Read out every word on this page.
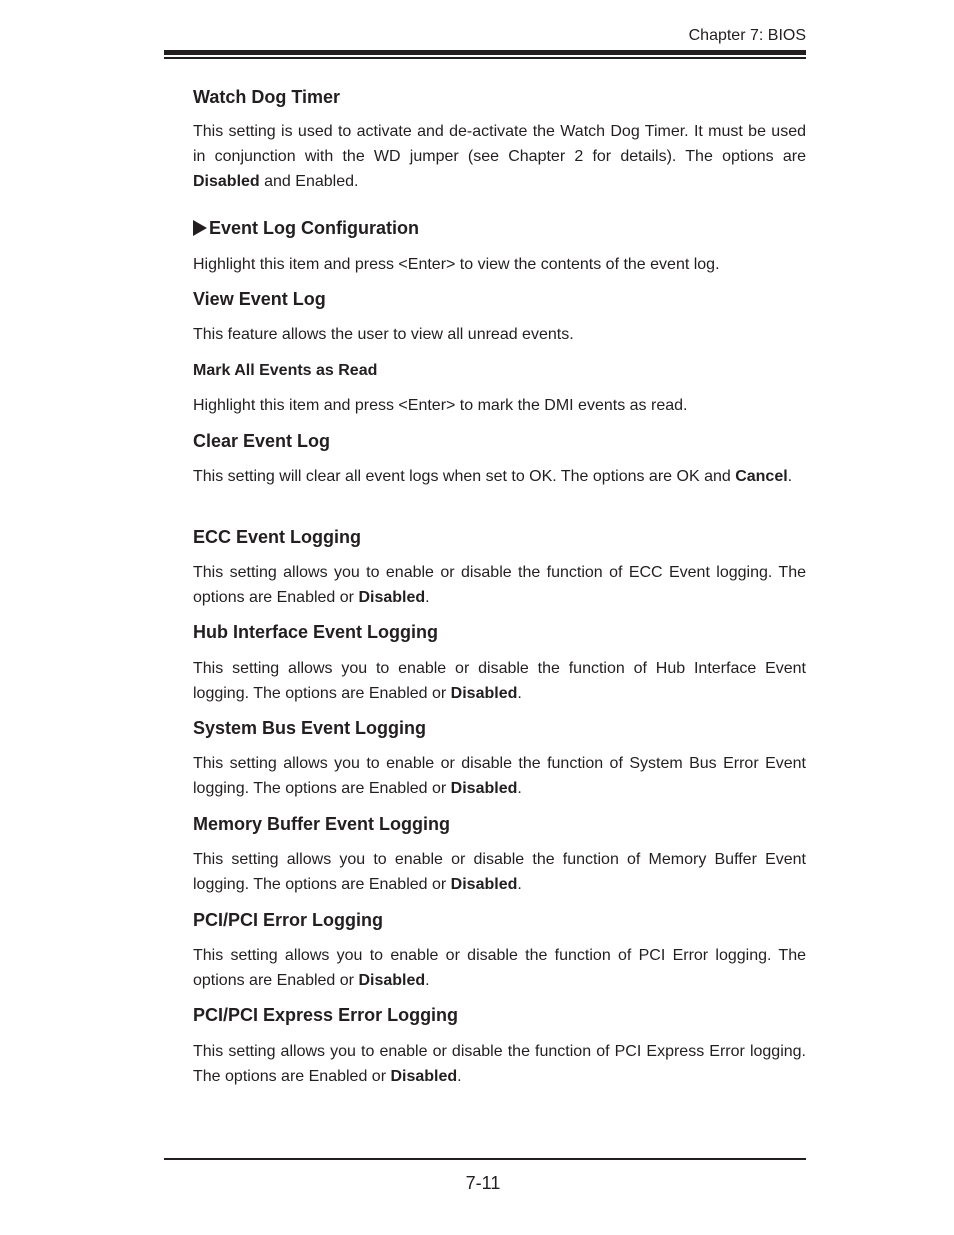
Chapter 7: BIOS
Watch Dog Timer

This setting is used to activate and de-activate the Watch Dog Timer. It must be used in conjunction with the WD jumper (see Chapter 2 for details). The options are Disabled and Enabled.

Event Log Configuration

Highlight this item and press <Enter> to view the contents of the event log.

View Event Log

This feature allows the user to view all unread events.

Mark All Events as Read

Highlight this item and press <Enter> to mark the DMI events as read.

Clear Event Log

This setting will clear all event logs when set to OK. The options are OK and Cancel.

ECC Event Logging

This setting allows you to enable or disable the function of ECC Event logging. The options are Enabled or Disabled.

Hub Interface Event Logging

This setting allows you to enable or disable the function of Hub Interface Event logging. The options are Enabled or Disabled.

System Bus Event Logging

This setting allows you to enable or disable the function of System Bus Error Event logging. The options are Enabled or Disabled.

Memory Buffer Event Logging

This setting allows you to enable or disable the function of Memory Buffer Event logging. The options are Enabled or Disabled.

PCI/PCI Error Logging

This setting allows you to enable or disable the function of PCI Error logging. The options are Enabled or Disabled.

PCI/PCI Express Error Logging

This setting allows you to enable or disable the function of PCI Express Error logging. The options are Enabled or Disabled.

7-11
